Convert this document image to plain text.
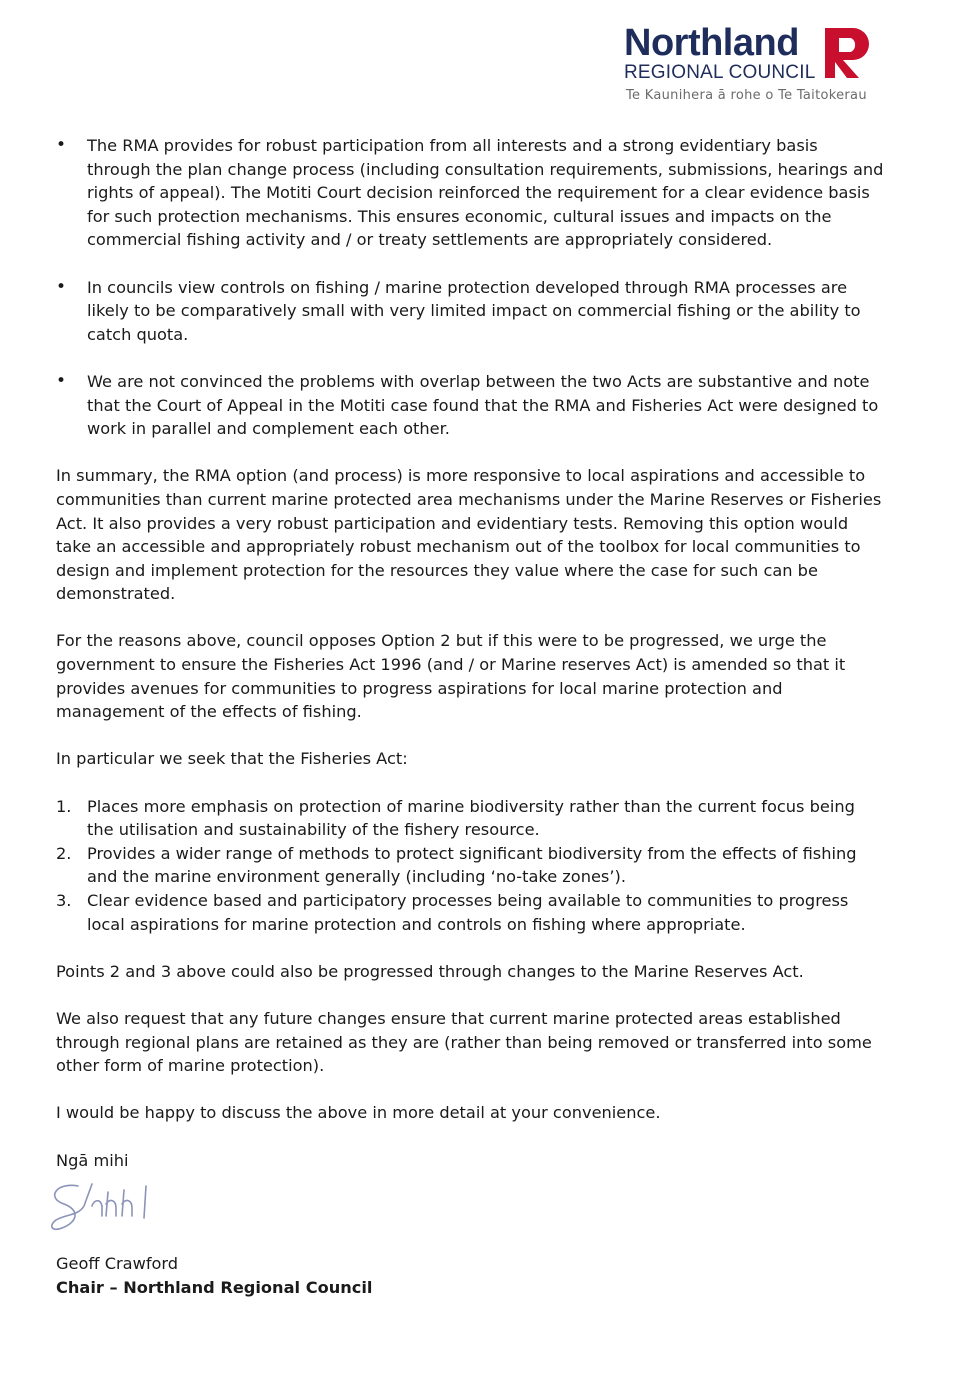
Northland
REGIONAL COUNCIL
Te Kaunihera ā rohe o Te Taitokerau
• The RMA provides for robust participation from all interests and a strong evidentiary basis through the plan change process (including consultation requirements, submissions, hearings and rights of appeal). The Motiti Court decision reinforced the requirement for a clear evidence basis for such protection mechanisms. This ensures economic, cultural issues and impacts on the commercial fishing activity and / or treaty settlements are appropriately considered.
• In councils view controls on fishing / marine protection developed through RMA processes are likely to be comparatively small with very limited impact on commercial fishing or the ability to catch quota.
• We are not convinced the problems with overlap between the two Acts are substantive and note that the Court of Appeal in the Motiti case found that the RMA and Fisheries Act were designed to work in parallel and complement each other.

In summary, the RMA option (and process) is more responsive to local aspirations and accessible to communities than current marine protected area mechanisms under the Marine Reserves or Fisheries Act. It also provides a very robust participation and evidentiary tests. Removing this option would take an accessible and appropriately robust mechanism out of the toolbox for local communities to design and implement protection for the resources they value where the case for such can be demonstrated.

For the reasons above, council opposes Option 2 but if this were to be progressed, we urge the government to ensure the Fisheries Act 1996 (and / or Marine reserves Act) is amended so that it provides avenues for communities to progress aspirations for local marine protection and management of the effects of fishing.

In particular we seek that the Fisheries Act:

1. Places more emphasis on protection of marine biodiversity rather than the current focus being the utilisation and sustainability of the fishery resource.
2. Provides a wider range of methods to protect significant biodiversity from the effects of fishing and the marine environment generally (including ‘no-take zones’).
3. Clear evidence based and participatory processes being available to communities to progress local aspirations for marine protection and controls on fishing where appropriate.

Points 2 and 3 above could also be progressed through changes to the Marine Reserves Act.

We also request that any future changes ensure that current marine protected areas established through regional plans are retained as they are (rather than being removed or transferred into some other form of marine protection).

I would be happy to discuss the above in more detail at your convenience.

Ngā mihi

Geoff Crawford

Chair – Northland Regional Council
